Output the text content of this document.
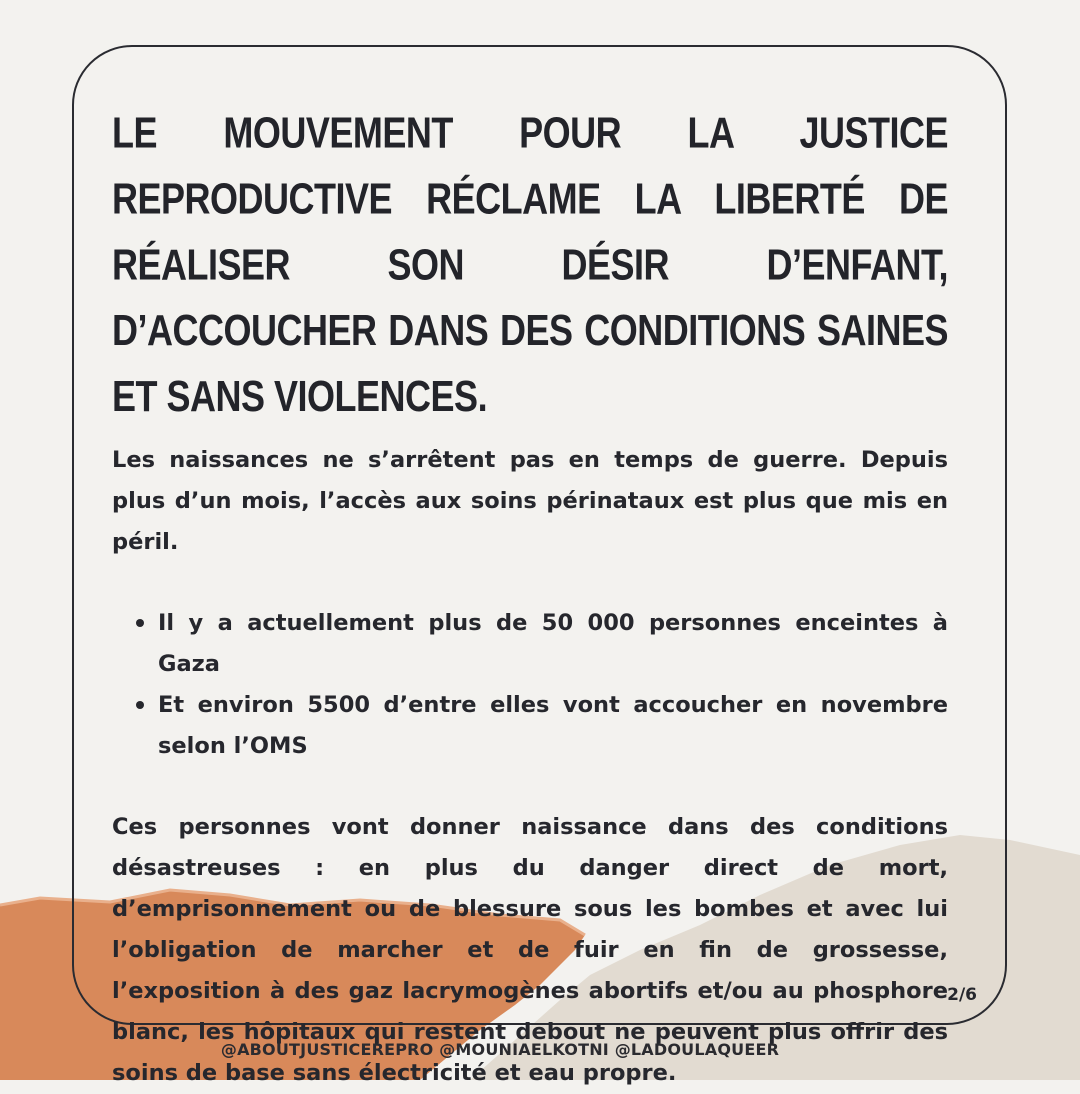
LE MOUVEMENT POUR LA JUSTICE REPRODUCTIVE RÉCLAME LA LIBERTÉ DE RÉALISER SON DÉSIR D’ENFANT, D’ACCOUCHER DANS DES CONDITIONS SAINES ET SANS VIOLENCES.

Les naissances ne s’arrêtent pas en temps de guerre. Depuis plus d’un mois, l’accès aux soins périnataux est plus que mis en péril.

Il y a actuellement plus de 50 000 personnes enceintes à Gaza
Et environ 5500 d’entre elles vont accoucher en novembre selon l’OMS

Ces personnes vont donner naissance dans des conditions désastreuses : en plus du danger direct de mort, d’emprisonnement ou de blessure sous les bombes et avec lui l’obligation de marcher et de fuir en fin de grossesse, l’exposition à des gaz lacrymogènes abortifs et/ou au phosphore blanc, les hôpitaux qui restent debout ne peuvent plus offrir des soins de base sans électricité et eau propre.

2/6
@ABOUTJUSTICEREPRO @MOUNIAELKOTNI @LADOULAQUEER
